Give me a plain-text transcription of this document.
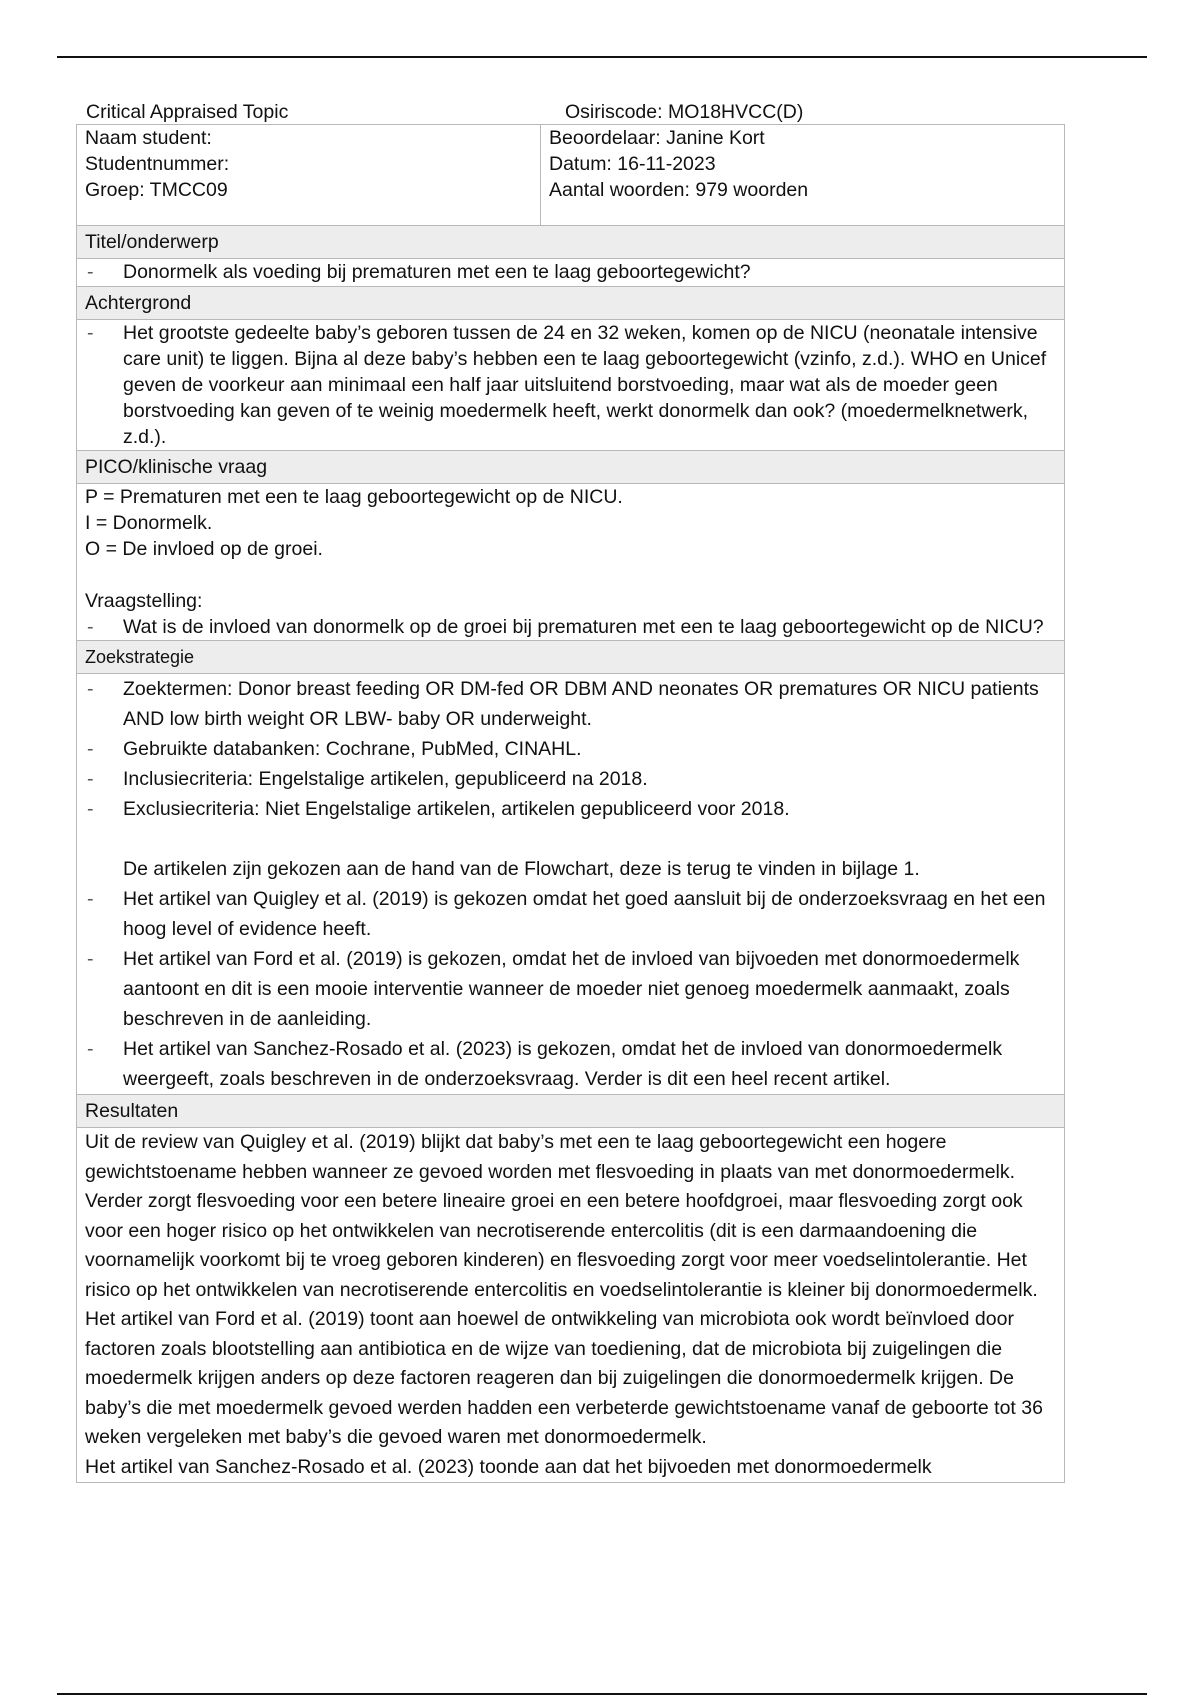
Critical Appraised Topic	Osiriscode: MO18HVCC(D)
Naam student:
Studentnummer:
Groep: TMCC09

Beoordelaar: Janine Kort
Datum: 16-11-2023
Aantal woorden: 979 woorden

Titel/onderwerp

- Donormelk als voeding bij prematuren met een te laag geboortegewicht?

Achtergrond

- Het grootste gedeelte baby’s geboren tussen de 24 en 32 weken, komen op de NICU (neonatale intensive care unit) te liggen. Bijna al deze baby’s hebben een te laag geboortegewicht (vzinfo, z.d.). WHO en Unicef geven de voorkeur aan minimaal een half jaar uitsluitend borstvoeding, maar wat als de moeder geen borstvoeding kan geven of te weinig moedermelk heeft, werkt donormelk dan ook? (moedermelknetwerk, z.d.).

PICO/klinische vraag

P = Prematuren met een te laag geboortegewicht op de NICU.
I = Donormelk.
O = De invloed op de groei.
Vraagstelling:
- Wat is de invloed van donormelk op de groei bij prematuren met een te laag geboortegewicht op de NICU?

Zoekstrategie

- Zoektermen: Donor breast feeding OR DM-fed OR DBM AND neonates OR prematures OR NICU patients AND low birth weight OR LBW- baby OR underweight.
- Gebruikte databanken: Cochrane, PubMed, CINAHL.
- Inclusiecriteria: Engelstalige artikelen, gepubliceerd na 2018.
- Exclusiecriteria: Niet Engelstalige artikelen, artikelen gepubliceerd voor 2018.
De artikelen zijn gekozen aan de hand van de Flowchart, deze is terug te vinden in bijlage 1.
- Het artikel van Quigley et al. (2019) is gekozen omdat het goed aansluit bij de onderzoeksvraag en het een hoog level of evidence heeft.
- Het artikel van Ford et al. (2019) is gekozen, omdat het de invloed van bijvoeden met donormoedermelk aantoont en dit is een mooie interventie wanneer de moeder niet genoeg moedermelk aanmaakt, zoals beschreven in de aanleiding.
- Het artikel van Sanchez-Rosado et al. (2023) is gekozen, omdat het de invloed van donormoedermelk weergeeft, zoals beschreven in de onderzoeksvraag. Verder is dit een heel recent artikel.

Resultaten

Uit de review van Quigley et al. (2019) blijkt dat baby’s met een te laag geboortegewicht een hogere gewichtstoename hebben wanneer ze gevoed worden met flesvoeding in plaats van met donormoedermelk. Verder zorgt flesvoeding voor een betere lineaire groei en een betere hoofdgroei, maar flesvoeding zorgt ook voor een hoger risico op het ontwikkelen van necrotiserende entercolitis (dit is een darmaandoening die voornamelijk voorkomt bij te vroeg geboren kinderen) en flesvoeding zorgt voor meer voedselintolerantie. Het risico op het ontwikkelen van necrotiserende entercolitis en voedselintolerantie is kleiner bij donormoedermelk.

Het artikel van Ford et al. (2019) toont aan hoewel de ontwikkeling van microbiota ook wordt beïnvloed door factoren zoals blootstelling aan antibiotica en de wijze van toediening, dat de microbiota bij zuigelingen die moedermelk krijgen anders op deze factoren reageren dan bij zuigelingen die donormoedermelk krijgen. De baby’s die met moedermelk gevoed werden hadden een verbeterde gewichtstoename vanaf de geboorte tot 36 weken vergeleken met baby’s die gevoed waren met donormoedermelk.

Het artikel van Sanchez-Rosado et al. (2023) toonde aan dat het bijvoeden met donormoedermelk
